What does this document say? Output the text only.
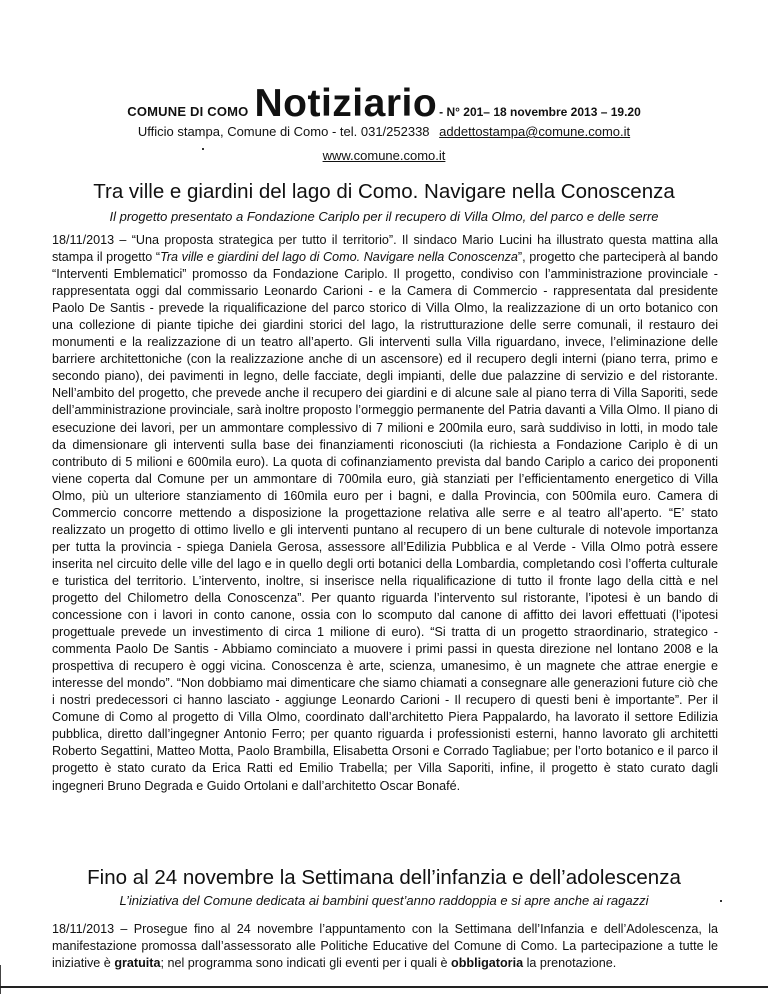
COMUNE DI COMO Notiziario - N° 201– 18 novembre 2013 – 19.20
Ufficio stampa, Comune di Como - tel. 031/252338 addettostampa@comune.como.it
www.comune.como.it
Tra ville e giardini del lago di Como. Navigare nella Conoscenza
Il progetto presentato a Fondazione Cariplo per il recupero di Villa Olmo, del parco e delle serre

18/11/2013 – “Una proposta strategica per tutto il territorio”. Il sindaco Mario Lucini ha illustrato questa mattina alla stampa il progetto “Tra ville e giardini del lago di Como. Navigare nella Conoscenza”, progetto che parteciperà al bando “Interventi Emblematici” promosso da Fondazione Cariplo. Il progetto, condiviso con l’amministrazione provinciale - rappresentata oggi dal commissario Leonardo Carioni - e la Camera di Commercio - rappresentata dal presidente Paolo De Santis - prevede la riqualificazione del parco storico di Villa Olmo, la realizzazione di un orto botanico con una collezione di piante tipiche dei giardini storici del lago, la ristrutturazione delle serre comunali, il restauro dei monumenti e la realizzazione di un teatro all’aperto. Gli interventi sulla Villa riguardano, invece, l’eliminazione delle barriere architettoniche (con la realizzazione anche di un ascensore) ed il recupero degli interni (piano terra, primo e secondo piano), dei pavimenti in legno, delle facciate, degli impianti, delle due palazzine di servizio e del ristorante. Nell’ambito del progetto, che prevede anche il recupero dei giardini e di alcune sale al piano terra di Villa Saporiti, sede dell’amministrazione provinciale, sarà inoltre proposto l’ormeggio permanente del Patria davanti a Villa Olmo. Il piano di esecuzione dei lavori, per un ammontare complessivo di 7 milioni e 200mila euro, sarà suddiviso in lotti, in modo tale da dimensionare gli interventi sulla base dei finanziamenti riconosciuti (la richiesta a Fondazione Cariplo è di un contributo di 5 milioni e 600mila euro). La quota di cofinanziamento prevista dal bando Cariplo a carico dei proponenti viene coperta dal Comune per un ammontare di 700mila euro, già stanziati per l’efficientamento energetico di Villa Olmo, più un ulteriore stanziamento di 160mila euro per i bagni, e dalla Provincia, con 500mila euro. Camera di Commercio concorre mettendo a disposizione la progettazione relativa alle serre e al teatro all’aperto. “E’ stato realizzato un progetto di ottimo livello e gli interventi puntano al recupero di un bene culturale di notevole importanza per tutta la provincia - spiega Daniela Gerosa, assessore all’Edilizia Pubblica e al Verde - Villa Olmo potrà essere inserita nel circuito delle ville del lago e in quello degli orti botanici della Lombardia, completando così l’offerta culturale e turistica del territorio. L’intervento, inoltre, si inserisce nella riqualificazione di tutto il fronte lago della città e nel progetto del Chilometro della Conoscenza”. Per quanto riguarda l’intervento sul ristorante, l’ipotesi è un bando di concessione con i lavori in conto canone, ossia con lo scomputo dal canone di affitto dei lavori effettuati (l’ipotesi progettuale prevede un investimento di circa 1 milione di euro). “Si tratta di un progetto straordinario, strategico - commenta Paolo De Santis - Abbiamo cominciato a muovere i primi passi in questa direzione nel lontano 2008 e la prospettiva di recupero è oggi vicina. Conoscenza è arte, scienza, umanesimo, è un magnete che attrae energie e interesse del mondo”. “Non dobbiamo mai dimenticare che siamo chiamati a consegnare alle generazioni future ciò che i nostri predecessori ci hanno lasciato - aggiunge Leonardo Carioni - Il recupero di questi beni è importante”. Per il Comune di Como al progetto di Villa Olmo, coordinato dall’architetto Piera Pappalardo, ha lavorato il settore Edilizia pubblica, diretto dall’ingegner Antonio Ferro; per quanto riguarda i professionisti esterni, hanno lavorato gli architetti Roberto Segattini, Matteo Motta, Paolo Brambilla, Elisabetta Orsoni e Corrado Tagliabue; per l’orto botanico e il parco il progetto è stato curato da Erica Ratti ed Emilio Trabella; per Villa Saporiti, infine, il progetto è stato curato dagli ingegneri Bruno Degrada e Guido Ortolani e dall’architetto Oscar Bonafé.

Fino al 24 novembre la Settimana dell’infanzia e dell’adolescenza
L’iniziativa del Comune dedicata ai bambini quest’anno raddoppia e si apre anche ai ragazzi

18/11/2013 – Prosegue fino al 24 novembre l’appuntamento con la Settimana dell’Infanzia e dell’Adolescenza, la manifestazione promossa dall’assessorato alle Politiche Educative del Comune di Como. La partecipazione a tutte le iniziative è gratuita; nel programma sono indicati gli eventi per i quali è obbligatoria la prenotazione.
